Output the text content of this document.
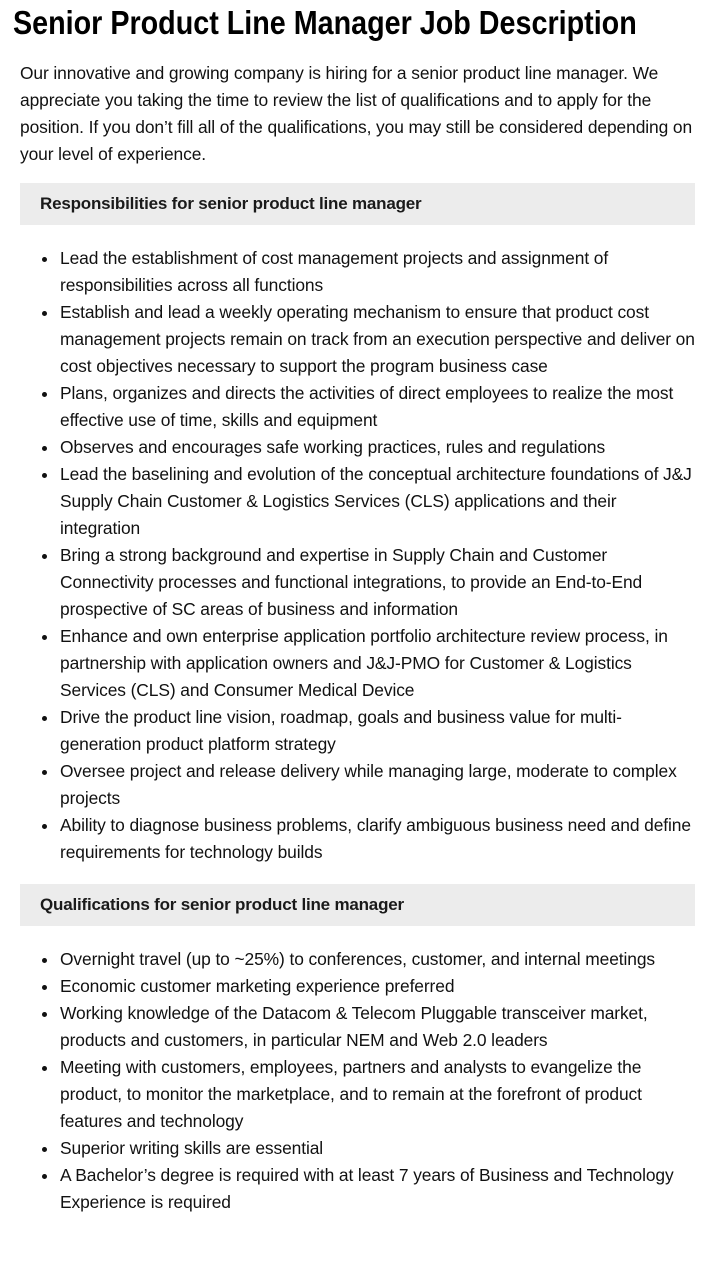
Senior Product Line Manager Job Description

Our innovative and growing company is hiring for a senior product line manager. We appreciate you taking the time to review the list of qualifications and to apply for the position. If you don’t fill all of the qualifications, you may still be considered depending on your level of experience.

Responsibilities for senior product line manager
Lead the establishment of cost management projects and assignment of responsibilities across all functions
Establish and lead a weekly operating mechanism to ensure that product cost management projects remain on track from an execution perspective and deliver on cost objectives necessary to support the program business case
Plans, organizes and directs the activities of direct employees to realize the most effective use of time, skills and equipment
Observes and encourages safe working practices, rules and regulations
Lead the baselining and evolution of the conceptual architecture foundations of J&J Supply Chain Customer & Logistics Services (CLS) applications and their integration
Bring a strong background and expertise in Supply Chain and Customer Connectivity processes and functional integrations, to provide an End-to-End prospective of SC areas of business and information
Enhance and own enterprise application portfolio architecture review process, in partnership with application owners and J&J-PMO for Customer & Logistics Services (CLS) and Consumer Medical Device
Drive the product line vision, roadmap, goals and business value for multi-generation product platform strategy
Oversee project and release delivery while managing large, moderate to complex projects
Ability to diagnose business problems, clarify ambiguous business need and define requirements for technology builds
Qualifications for senior product line manager
Overnight travel (up to ~25%) to conferences, customer, and internal meetings
Economic customer marketing experience preferred
Working knowledge of the Datacom & Telecom Pluggable transceiver market, products and customers, in particular NEM and Web 2.0 leaders
Meeting with customers, employees, partners and analysts to evangelize the product, to monitor the marketplace, and to remain at the forefront of product features and technology
Superior writing skills are essential
A Bachelor’s degree is required with at least 7 years of Business and Technology Experience is required
